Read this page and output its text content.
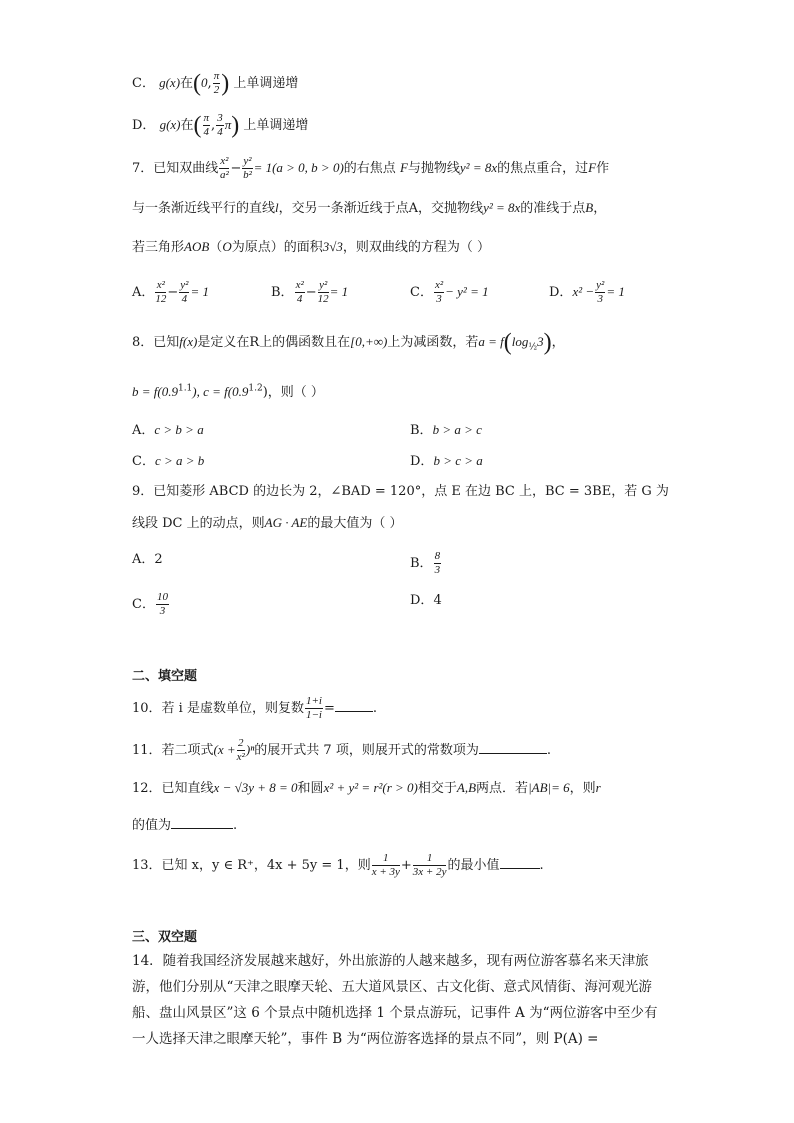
C． g(x)在(0, $\frac{\pi}{2}$ ) 上单调递增
D． g(x)在( $\frac{\pi}{4}$ , $\frac{3}{4} \pi$) 上单调递增
7．已知双曲线 $\frac{\text{x²}}{\text{a²}} - \frac{\text{y²}}{\text{b²}} = 1(a > 0$, b > 0)的右焦点 F与抛物线y² = 8x的焦点重合，过F作
与一条渐近线平行的直线l，交另一条渐近线于点A，交抛物线y² = 8x的准线于点B，
若三角形AOB（O为原点）的面积3√3，则双曲线的方程为（ ）
A． $\frac{\text{x²}}{12} - \frac{\text{y²}}{4} = 1$	B． $\frac{\text{x²}}{4} - \frac{\text{y²}}{12} = 1$	C． $\frac{\text{x²}}{3} - y^2 = 1$	D．$x^2 - \frac{\text{y²}}{3} = 1$
8．已知f(x)是定义在R上的偶函数且在[0,+∞)上为减函数，若$a = f(\log_{\frac{1}{2}}3)$，
$b = f(0.9^{1.1})$, $c = f(0.9^{1.2})$，则（ ）
A．c > b > a	B．b > a > c
C．c > a > b	D．b > c > a
9．已知菱形 ABCD 的边长为 2，∠BAD = 120°，点 E 在边 BC 上，BC = 3BE，若 G 为
线段 DC 上的动点，则AG · AE的最大值为（ ）
A．2	B． $\frac{8}{3}$
C． $\frac{10}{3}$	D．4
二、填空题
10．若 i 是虚数单位，则复数 $\frac{1+i}{1-i}$ =	.
11．若二项式$(x + \frac{2}{\text{x²}} )^n$的展开式共 7 项，则展开式的常数项为	.
12．已知直线x − √3y + 8 = 0和圆x² + y² = r²(r > 0)相交于A,B两点．若|AB|= 6，则r
的值为	.
13．已知 x，y ∈ R⁺，4x + 5y = 1，则 $\frac{1}{x + 3y} + \frac{1}{3x + 2y}$ 的最小值	.
三、双空题
14．随着我国经济发展越来越好，外出旅游的人越来越多，现有两位游客慕名来天津旅游，他们分别从“天津之眼摩天轮、五大道风景区、古文化街、意式风情街、海河观光游船、盘山风景区”这 6 个景点中随机选择 1 个景点游玩，记事件 A 为“两位游客中至少有一人选择天津之眼摩天轮”，事件 B 为“两位游客选择的景点不同”，则 P(A) =
